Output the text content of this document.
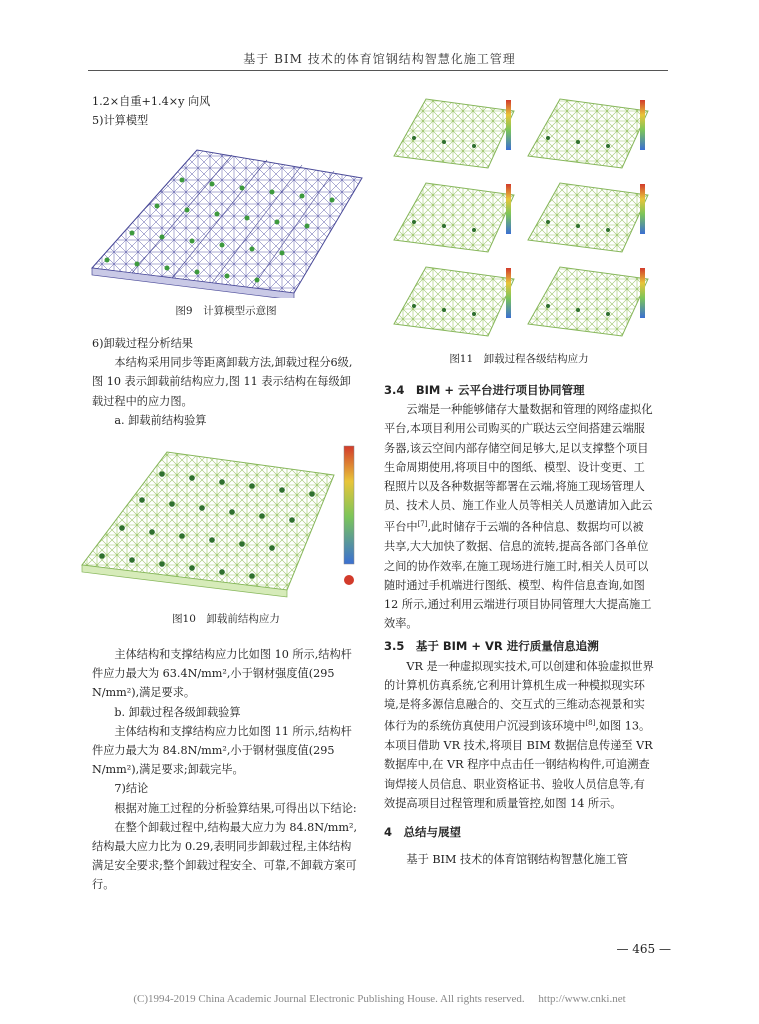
基于 BIM 技术的体育馆钢结构智慧化施工管理

1.2×自重+1.4×y 向风

5)计算模型

图9　计算模型示意图

6)卸载过程分析结果

本结构采用同步等距离卸载方法,卸载过程分6级,图 10 表示卸载前结构应力,图 11 表示结构在每级卸载过程中的应力图。

a. 卸载前结构验算

图10　卸载前结构应力

主体结构和支撑结构应力比如图 10 所示,结构杆件应力最大为 63.4N/mm²,小于钢材强度值(295 N/mm²),满足要求。

b. 卸载过程各级卸载验算

主体结构和支撑结构应力比如图 11 所示,结构杆件应力最大为 84.8N/mm²,小于钢材强度值(295 N/mm²),满足要求;卸载完毕。

7)结论

根据对施工过程的分析验算结果,可得出以下结论:

在整个卸载过程中,结构最大应力为 84.8N/mm²,结构最大应力比为 0.29,表明同步卸载过程,主体结构满足安全要求;整个卸载过程安全、可靠,不卸载方案可行。

图11　卸载过程各级结构应力

3.4　BIM + 云平台进行项目协同管理

云端是一种能够储存大量数据和管理的网络虚拟化平台,本项目利用公司购买的广联达云空间搭建云端服务器,该云空间内部存储空间足够大,足以支撑整个项目生命周期使用,将项目中的图纸、模型、设计变更、工程照片以及各种数据等都署在云端,将施工现场管理人员、技术人员、施工作业人员等相关人员邀请加入此云平台中[7],此时储存于云端的各种信息、数据均可以被共享,大大加快了数据、信息的流转,提高各部门各单位之间的协作效率,在施工现场进行施工时,相关人员可以随时通过手机端进行图纸、模型、构件信息查询,如图12 所示,通过利用云端进行项目协同管理大大提高施工效率。

3.5　基于 BIM + VR 进行质量信息追溯

VR 是一种虚拟现实技术,可以创建和体验虚拟世界的计算机仿真系统,它利用计算机生成一种模拟现实环境,是将多源信息融合的、交互式的三维动态视景和实体行为的系统仿真使用户沉浸到该环境中[8],如图 13。本项目借助 VR 技术,将项目 BIM 数据信息传递至 VR 数据库中,在 VR 程序中点击任一钢结构构件,可追溯查询焊接人员信息、职业资格证书、验收人员信息等,有效提高项目过程管理和质量管控,如图 14 所示。

4　总结与展望

基于 BIM 技术的体育馆钢结构智慧化施工管

— 465 —
(C)1994-2019 China Academic Journal Electronic Publishing House. All rights reserved.　 http://www.cnki.net
